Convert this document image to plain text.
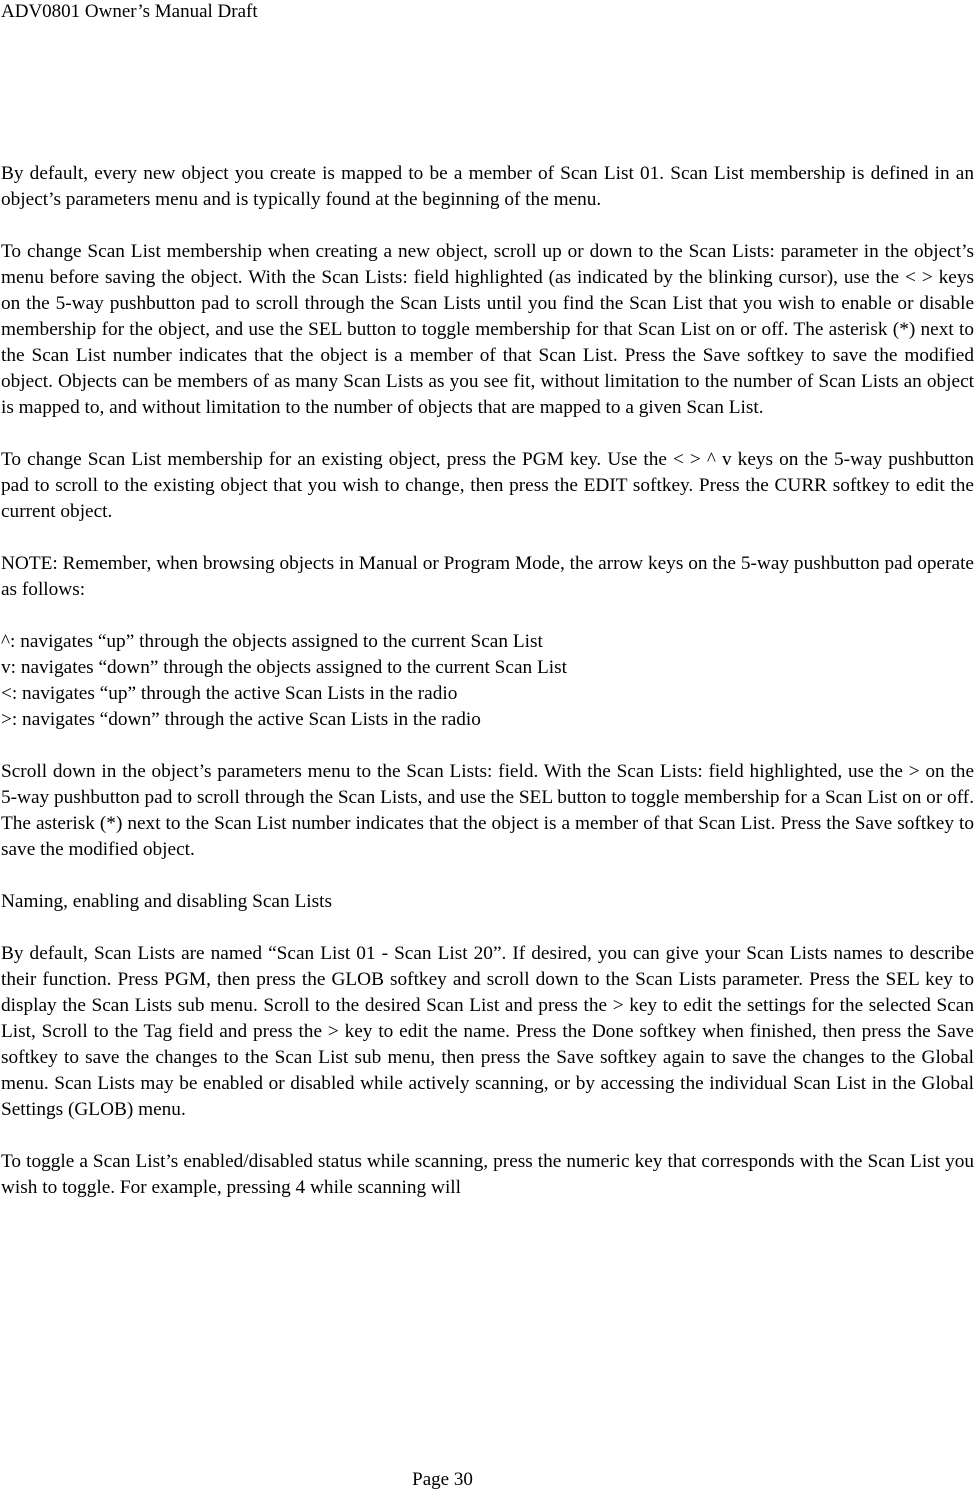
ADV0801 Owner’s Manual Draft

By default, every new object you create is mapped to be a member of Scan List 01. Scan List membership is defined in an object’s parameters menu and is typically found at the beginning of the menu.

To change Scan List membership when creating a new object, scroll up or down to the Scan Lists: parameter in the object’s menu before saving the object. With the Scan Lists: field highlighted (as indicated by the blinking cursor), use the < > keys on the 5-way pushbutton pad to scroll through the Scan Lists until you find the Scan List that you wish to enable or disable membership for the object, and use the SEL button to toggle membership for that Scan List on or off. The asterisk (*) next to the Scan List number indicates that the object is a member of that Scan List. Press the Save softkey to save the modified object. Objects can be members of as many Scan Lists as you see fit, without limitation to the number of Scan Lists an object is mapped to, and without limitation to the number of objects that are mapped to a given Scan List.

To change Scan List membership for an existing object, press the PGM key. Use the < > ^ v keys on the 5-way pushbutton pad to scroll to the existing object that you wish to change, then press the EDIT softkey. Press the CURR softkey to edit the current object.

NOTE: Remember, when browsing objects in Manual or Program Mode, the arrow keys on the 5-way pushbutton pad operate as follows:

^: navigates “up” through the objects assigned to the current Scan List
v: navigates “down” through the objects assigned to the current Scan List
<: navigates “up” through the active Scan Lists in the radio
>: navigates “down” through the active Scan Lists in the radio

Scroll down in the object’s parameters menu to the Scan Lists: field. With the Scan Lists: field highlighted, use the > on the 5-way pushbutton pad to scroll through the Scan Lists, and use the SEL button to toggle membership for a Scan List on or off. The asterisk (*) next to the Scan List number indicates that the object is a member of that Scan List. Press the Save softkey to save the modified object.

Naming, enabling and disabling Scan Lists

By default, Scan Lists are named “Scan List 01 - Scan List 20”. If desired, you can give your Scan Lists names to describe their function. Press PGM, then press the GLOB softkey and scroll down to the Scan Lists parameter. Press the SEL key to display the Scan Lists sub menu. Scroll to the desired Scan List and press the > key to edit the settings for the selected Scan List, Scroll to the Tag field and press the > key to edit the name. Press the Done softkey when finished, then press the Save softkey to save the changes to the Scan List sub menu, then press the Save softkey again to save the changes to the Global menu. Scan Lists may be enabled or disabled while actively scanning, or by accessing the individual Scan List in the Global Settings (GLOB) menu.

To toggle a Scan List’s enabled/disabled status while scanning, press the numeric key that corresponds with the Scan List you wish to toggle. For example, pressing 4 while scanning will

Page 30
